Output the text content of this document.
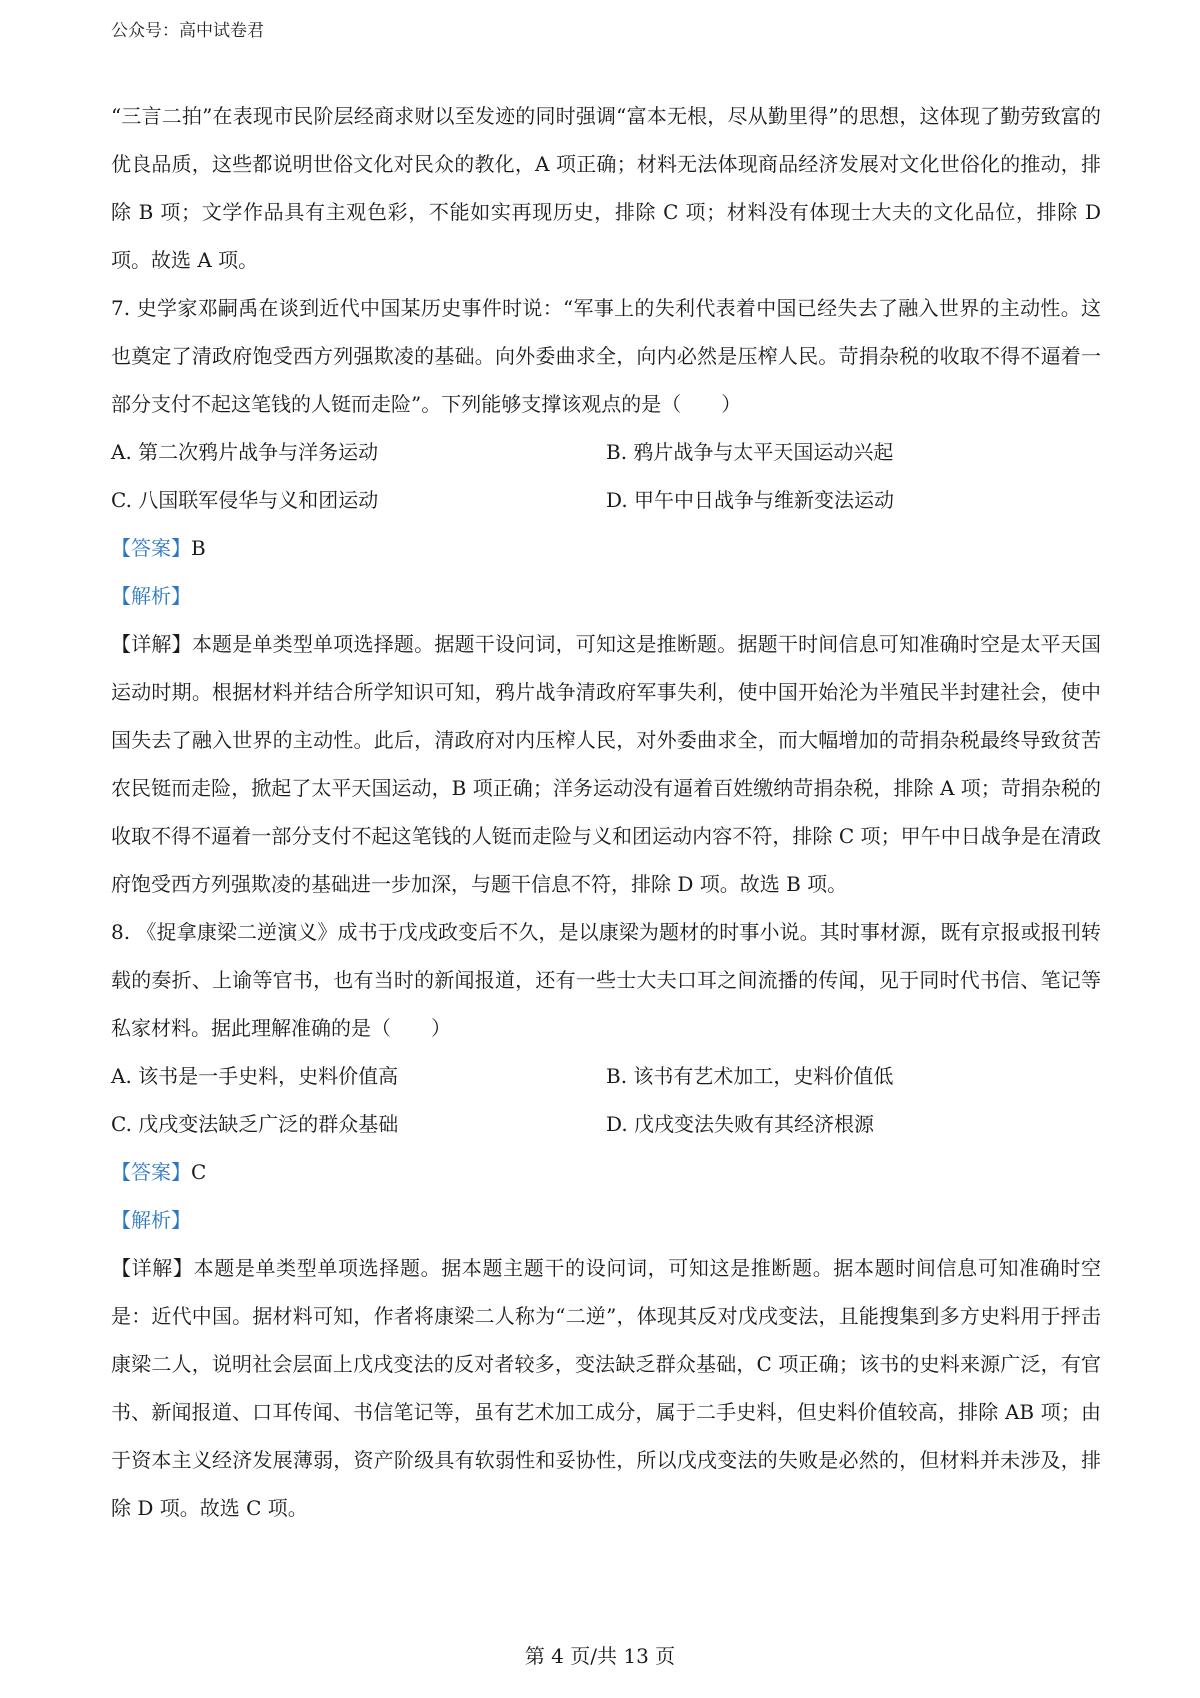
公众号：高中试卷君

“三言二拍”在表现市民阶层经商求财以至发迹的同时强调“富本无根，尽从勤里得”的思想，这体现了勤劳致富的优良品质，这些都说明世俗文化对民众的教化，A 项正确；材料无法体现商品经济发展对文化世俗化的推动，排除 B 项；文学作品具有主观色彩，不能如实再现历史，排除 C 项；材料没有体现士大夫的文化品位，排除 D 项。故选 A 项。

7. 史学家邓嗣禹在谈到近代中国某历史事件时说：“军事上的失利代表着中国已经失去了融入世界的主动性。这也奠定了清政府饱受西方列强欺凌的基础。向外委曲求全，向内必然是压榨人民。苛捐杂税的收取不得不逼着一部分支付不起这笔钱的人铤而走险”。下列能够支撑该观点的是（　　）

A. 第二次鸦片战争与洋务运动	B. 鸦片战争与太平天国运动兴起
C. 八国联军侵华与义和团运动	D. 甲午中日战争与维新变法运动

【答案】B

【解析】

【详解】本题是单类型单项选择题。据题干设问词，可知这是推断题。据题干时间信息可知准确时空是太平天国运动时期。根据材料并结合所学知识可知，鸦片战争清政府军事失利，使中国开始沦为半殖民半封建社会，使中国失去了融入世界的主动性。此后，清政府对内压榨人民，对外委曲求全，而大幅增加的苛捐杂税最终导致贫苦农民铤而走险，掀起了太平天国运动，B 项正确；洋务运动没有逼着百姓缴纳苛捐杂税，排除 A 项；苛捐杂税的收取不得不逼着一部分支付不起这笔钱的人铤而走险与义和团运动内容不符，排除 C 项；甲午中日战争是在清政府饱受西方列强欺凌的基础进一步加深，与题干信息不符，排除 D 项。故选 B 项。

8. 《捉拿康梁二逆演义》成书于戊戌政变后不久，是以康梁为题材的时事小说。其时事材源，既有京报或报刊转载的奏折、上谕等官书，也有当时的新闻报道，还有一些士大夫口耳之间流播的传闻，见于同时代书信、笔记等私家材料。据此理解准确的是（　　）

A. 该书是一手史料，史料价值高	B. 该书有艺术加工，史料价值低
C. 戊戌变法缺乏广泛的群众基础	D. 戊戌变法失败有其经济根源

【答案】C

【解析】

【详解】本题是单类型单项选择题。据本题主题干的设问词，可知这是推断题。据本题时间信息可知准确时空是：近代中国。据材料可知，作者将康梁二人称为“二逆”，体现其反对戊戌变法，且能搜集到多方史料用于抨击康梁二人，说明社会层面上戊戌变法的反对者较多，变法缺乏群众基础，C 项正确；该书的史料来源广泛，有官书、新闻报道、口耳传闻、书信笔记等，虽有艺术加工成分，属于二手史料，但史料价值较高，排除 AB 项；由于资本主义经济发展薄弱，资产阶级具有软弱性和妥协性，所以戊戌变法的失败是必然的，但材料并未涉及，排除 D 项。故选 C 项。

第 4 页/共 13 页
